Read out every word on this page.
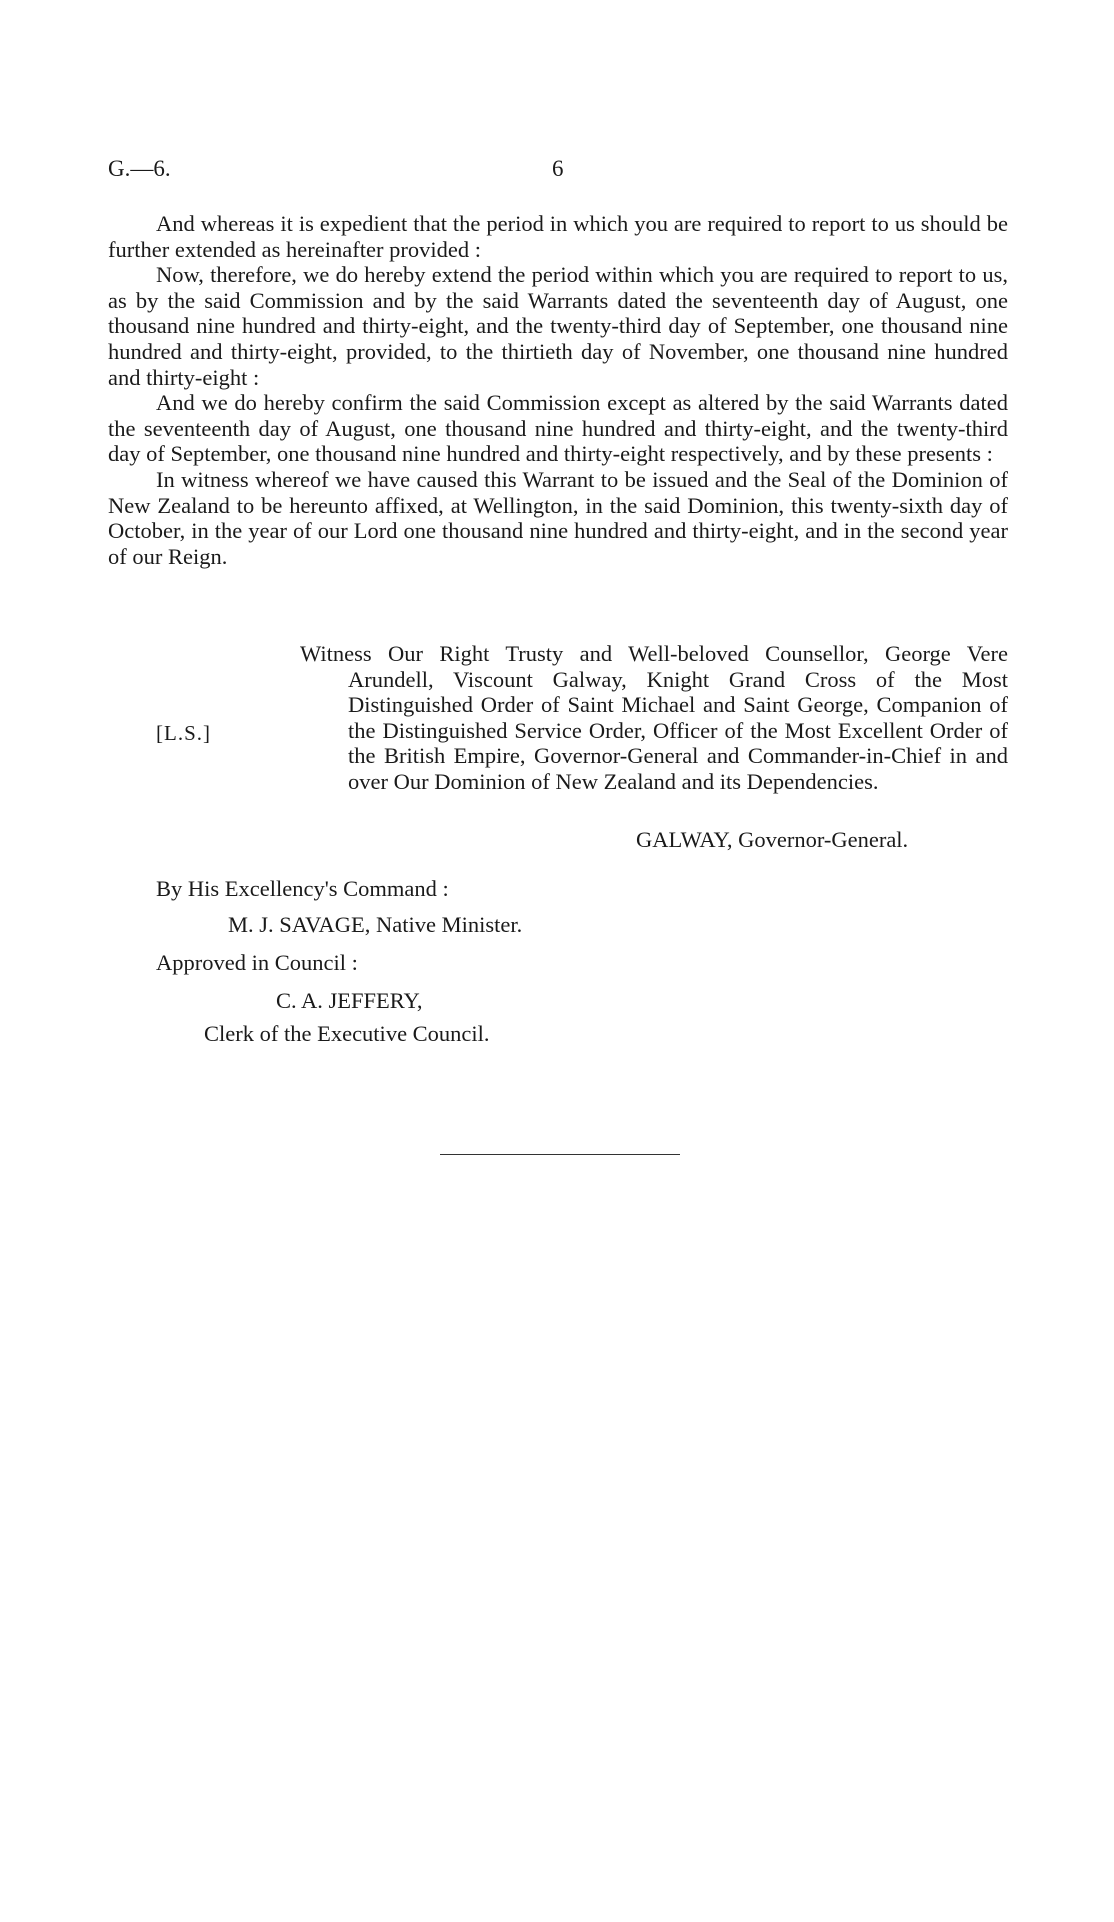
G.—6.	6

And whereas it is expedient that the period in which you are required to report to us should be further extended as hereinafter provided :

Now, therefore, we do hereby extend the period within which you are required to report to us, as by the said Commission and by the said Warrants dated the seventeenth day of August, one thousand nine hundred and thirty-eight, and the twenty-third day of September, one thousand nine hundred and thirty-eight, provided, to the thirtieth day of November, one thousand nine hundred and thirty-eight :

And we do hereby confirm the said Commission except as altered by the said Warrants dated the seventeenth day of August, one thousand nine hundred and thirty-eight, and the twenty-third day of September, one thousand nine hundred and thirty-eight respectively, and by these presents :

In witness whereof we have caused this Warrant to be issued and the Seal of the Dominion of New Zealand to be hereunto affixed, at Wellington, in the said Dominion, this twenty-sixth day of October, in the year of our Lord one thousand nine hundred and thirty-eight, and in the second year of our Reign.

[L.S.]
Witness Our Right Trusty and Well-beloved Counsellor, George Vere Arundell, Viscount Galway, Knight Grand Cross of the Most Distinguished Order of Saint Michael and Saint George, Companion of the Distinguished Service Order, Officer of the Most Excellent Order of the British Empire, Governor-General and Commander-in-Chief in and over Our Dominion of New Zealand and its Dependencies.
GALWAY, Governor-General.
By His Excellency's Command :
M. J. SAVAGE, Native Minister.
Approved in Council :
C. A. JEFFERY,
Clerk of the Executive Council.
